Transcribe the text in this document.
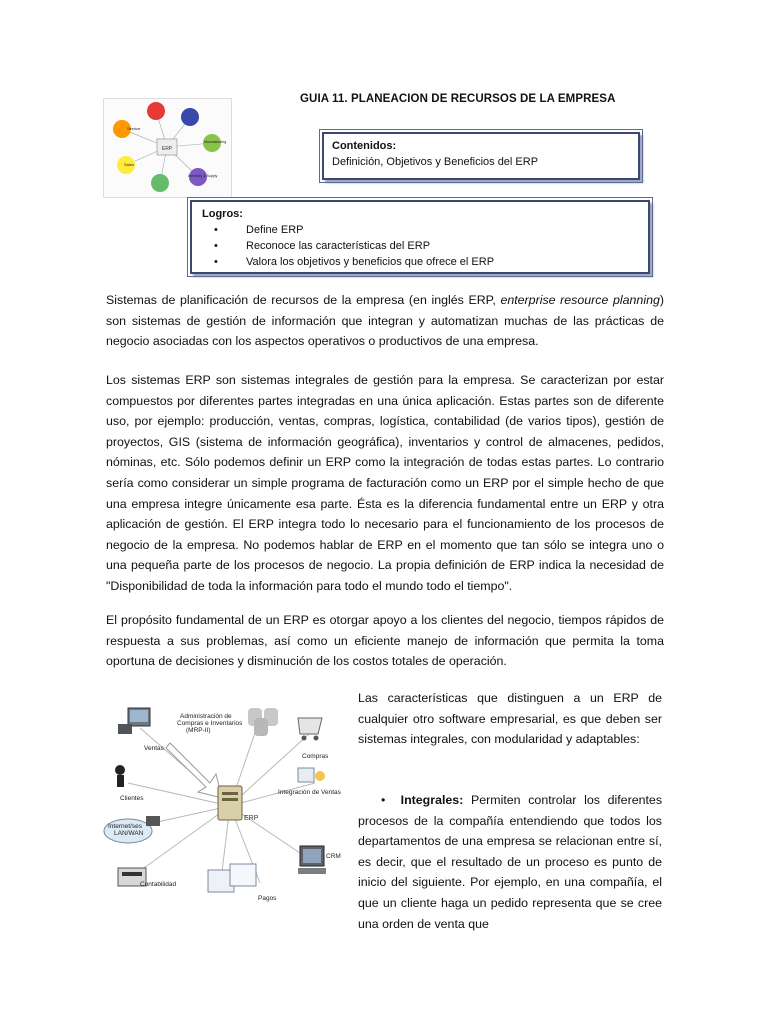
ERP
Service
Sales
Manufacturing
Inventory & Supply
GUIA 11. PLANEACION DE RECURSOS DE LA EMPRESA
Contenidos:
Definición, Objetivos y Beneficios del ERP
Logros:
• Define ERP
• Reconoce las características del ERP
• Valora los objetivos y beneficios que ofrece el ERP
Sistemas de planificación de recursos de la empresa (en inglés ERP, enterprise resource planning) son sistemas de gestión de información que integran y automatizan muchas de las prácticas de negocio asociadas con los aspectos operativos o productivos de una empresa.
Los sistemas ERP son sistemas integrales de gestión para la empresa. Se caracterizan por estar compuestos por diferentes partes integradas en una única aplicación. Estas partes son de diferente uso, por ejemplo: producción, ventas, compras, logística, contabilidad (de varios tipos), gestión de proyectos, GIS (sistema de información geográfica), inventarios y control de almacenes, pedidos, nóminas, etc. Sólo podemos definir un ERP como la integración de todas estas partes. Lo contrario sería como considerar un simple programa de facturación como un ERP por el simple hecho de que una empresa integre únicamente esa parte. Ésta es la diferencia fundamental entre un ERP y otra aplicación de gestión. El ERP integra todo lo necesario para el funcionamiento de los procesos de negocio de la empresa. No podemos hablar de ERP en el momento que tan sólo se integra uno o una pequeña parte de los procesos de negocio. La propia definición de ERP indica la necesidad de "Disponibilidad de toda la información para todo el mundo todo el tiempo".
El propósito fundamental de un ERP es otorgar apoyo a los clientes del negocio, tiempos rápidos de respuesta a sus problemas, así como un eficiente manejo de información que permita la toma oportuna de decisiones y disminución de los costos totales de operación.
ERP
Administración de
Compras e Inventarios
(MRP-II)
Ventas
Compras
Clientes
Integración de Ventas
Internet/ses
LAN/WAN
CRM
Contabilidad
Pagos
Las características que distinguen a un ERP de cualquier otro software empresarial, es que deben ser sistemas integrales, con modularidad y adaptables:
• Integrales: Permiten controlar los diferentes procesos de la compañía entendiendo que todos los departamentos de una empresa se relacionan entre sí, es decir, que el resultado de un proceso es punto de inicio del siguiente. Por ejemplo, en una compañía, el que un cliente haga un pedido representa que se cree una orden de venta que
